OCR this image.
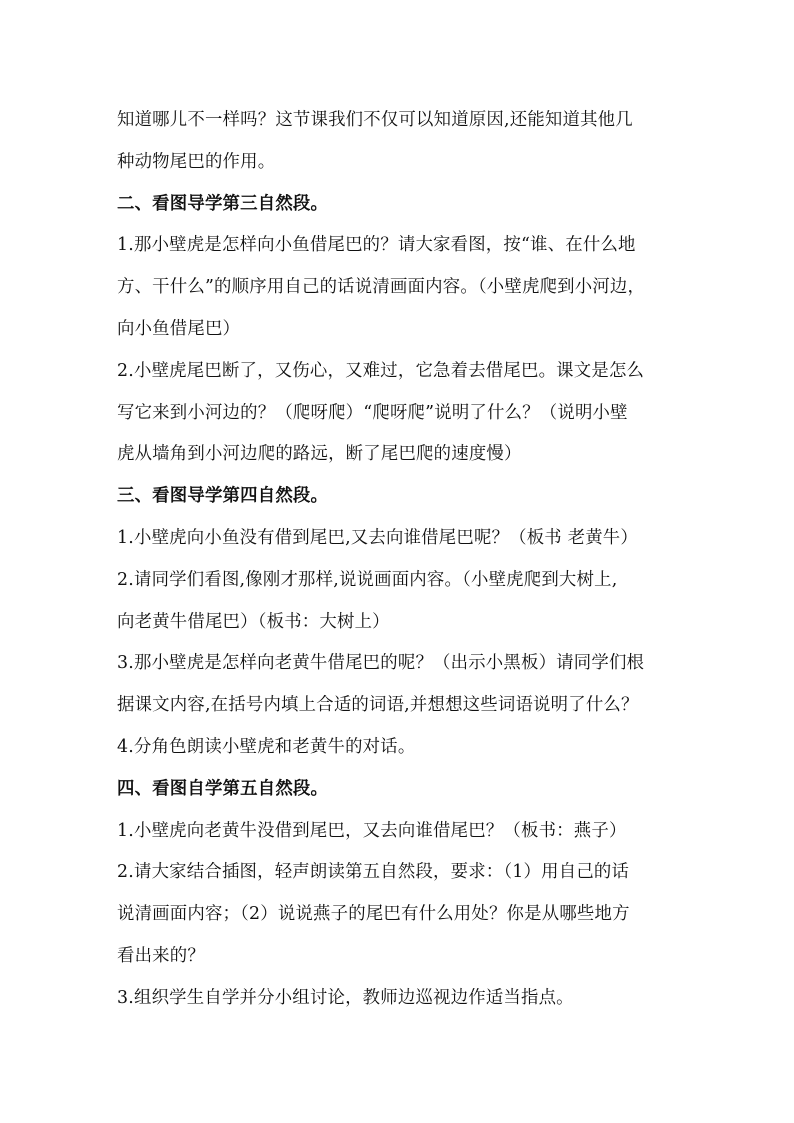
知道哪儿不一样吗？这节课我们不仅可以知道原因,还能知道其他几
种动物尾巴的作用。
二、看图导学第三自然段。
1.那小壁虎是怎样向小鱼借尾巴的？请大家看图，按“谁、在什么地
方、干什么”的顺序用自己的话说清画面内容。（小壁虎爬到小河边，
向小鱼借尾巴）
2.小壁虎尾巴断了，又伤心，又难过，它急着去借尾巴。课文是怎么
写它来到小河边的？（爬呀爬）“爬呀爬”说明了什么？（说明小壁
虎从墙角到小河边爬的路远，断了尾巴爬的速度慢）
三、看图导学第四自然段。
1.小壁虎向小鱼没有借到尾巴,又去向谁借尾巴呢？（板书 老黄牛）
2.请同学们看图,像刚才那样,说说画面内容。（小壁虎爬到大树上,
向老黄牛借尾巴）（板书：大树上）
3.那小壁虎是怎样向老黄牛借尾巴的呢？（出示小黑板）请同学们根
据课文内容,在括号内填上合适的词语,并想想这些词语说明了什么？
4.分角色朗读小壁虎和老黄牛的对话。
四、看图自学第五自然段。
1.小壁虎向老黄牛没借到尾巴，又去向谁借尾巴？（板书：燕子）
2.请大家结合插图，轻声朗读第五自然段，要求：（1）用自己的话
说清画面内容；（2）说说燕子的尾巴有什么用处？你是从哪些地方
看出来的？
3.组织学生自学并分小组讨论，教师边巡视边作适当指点。
